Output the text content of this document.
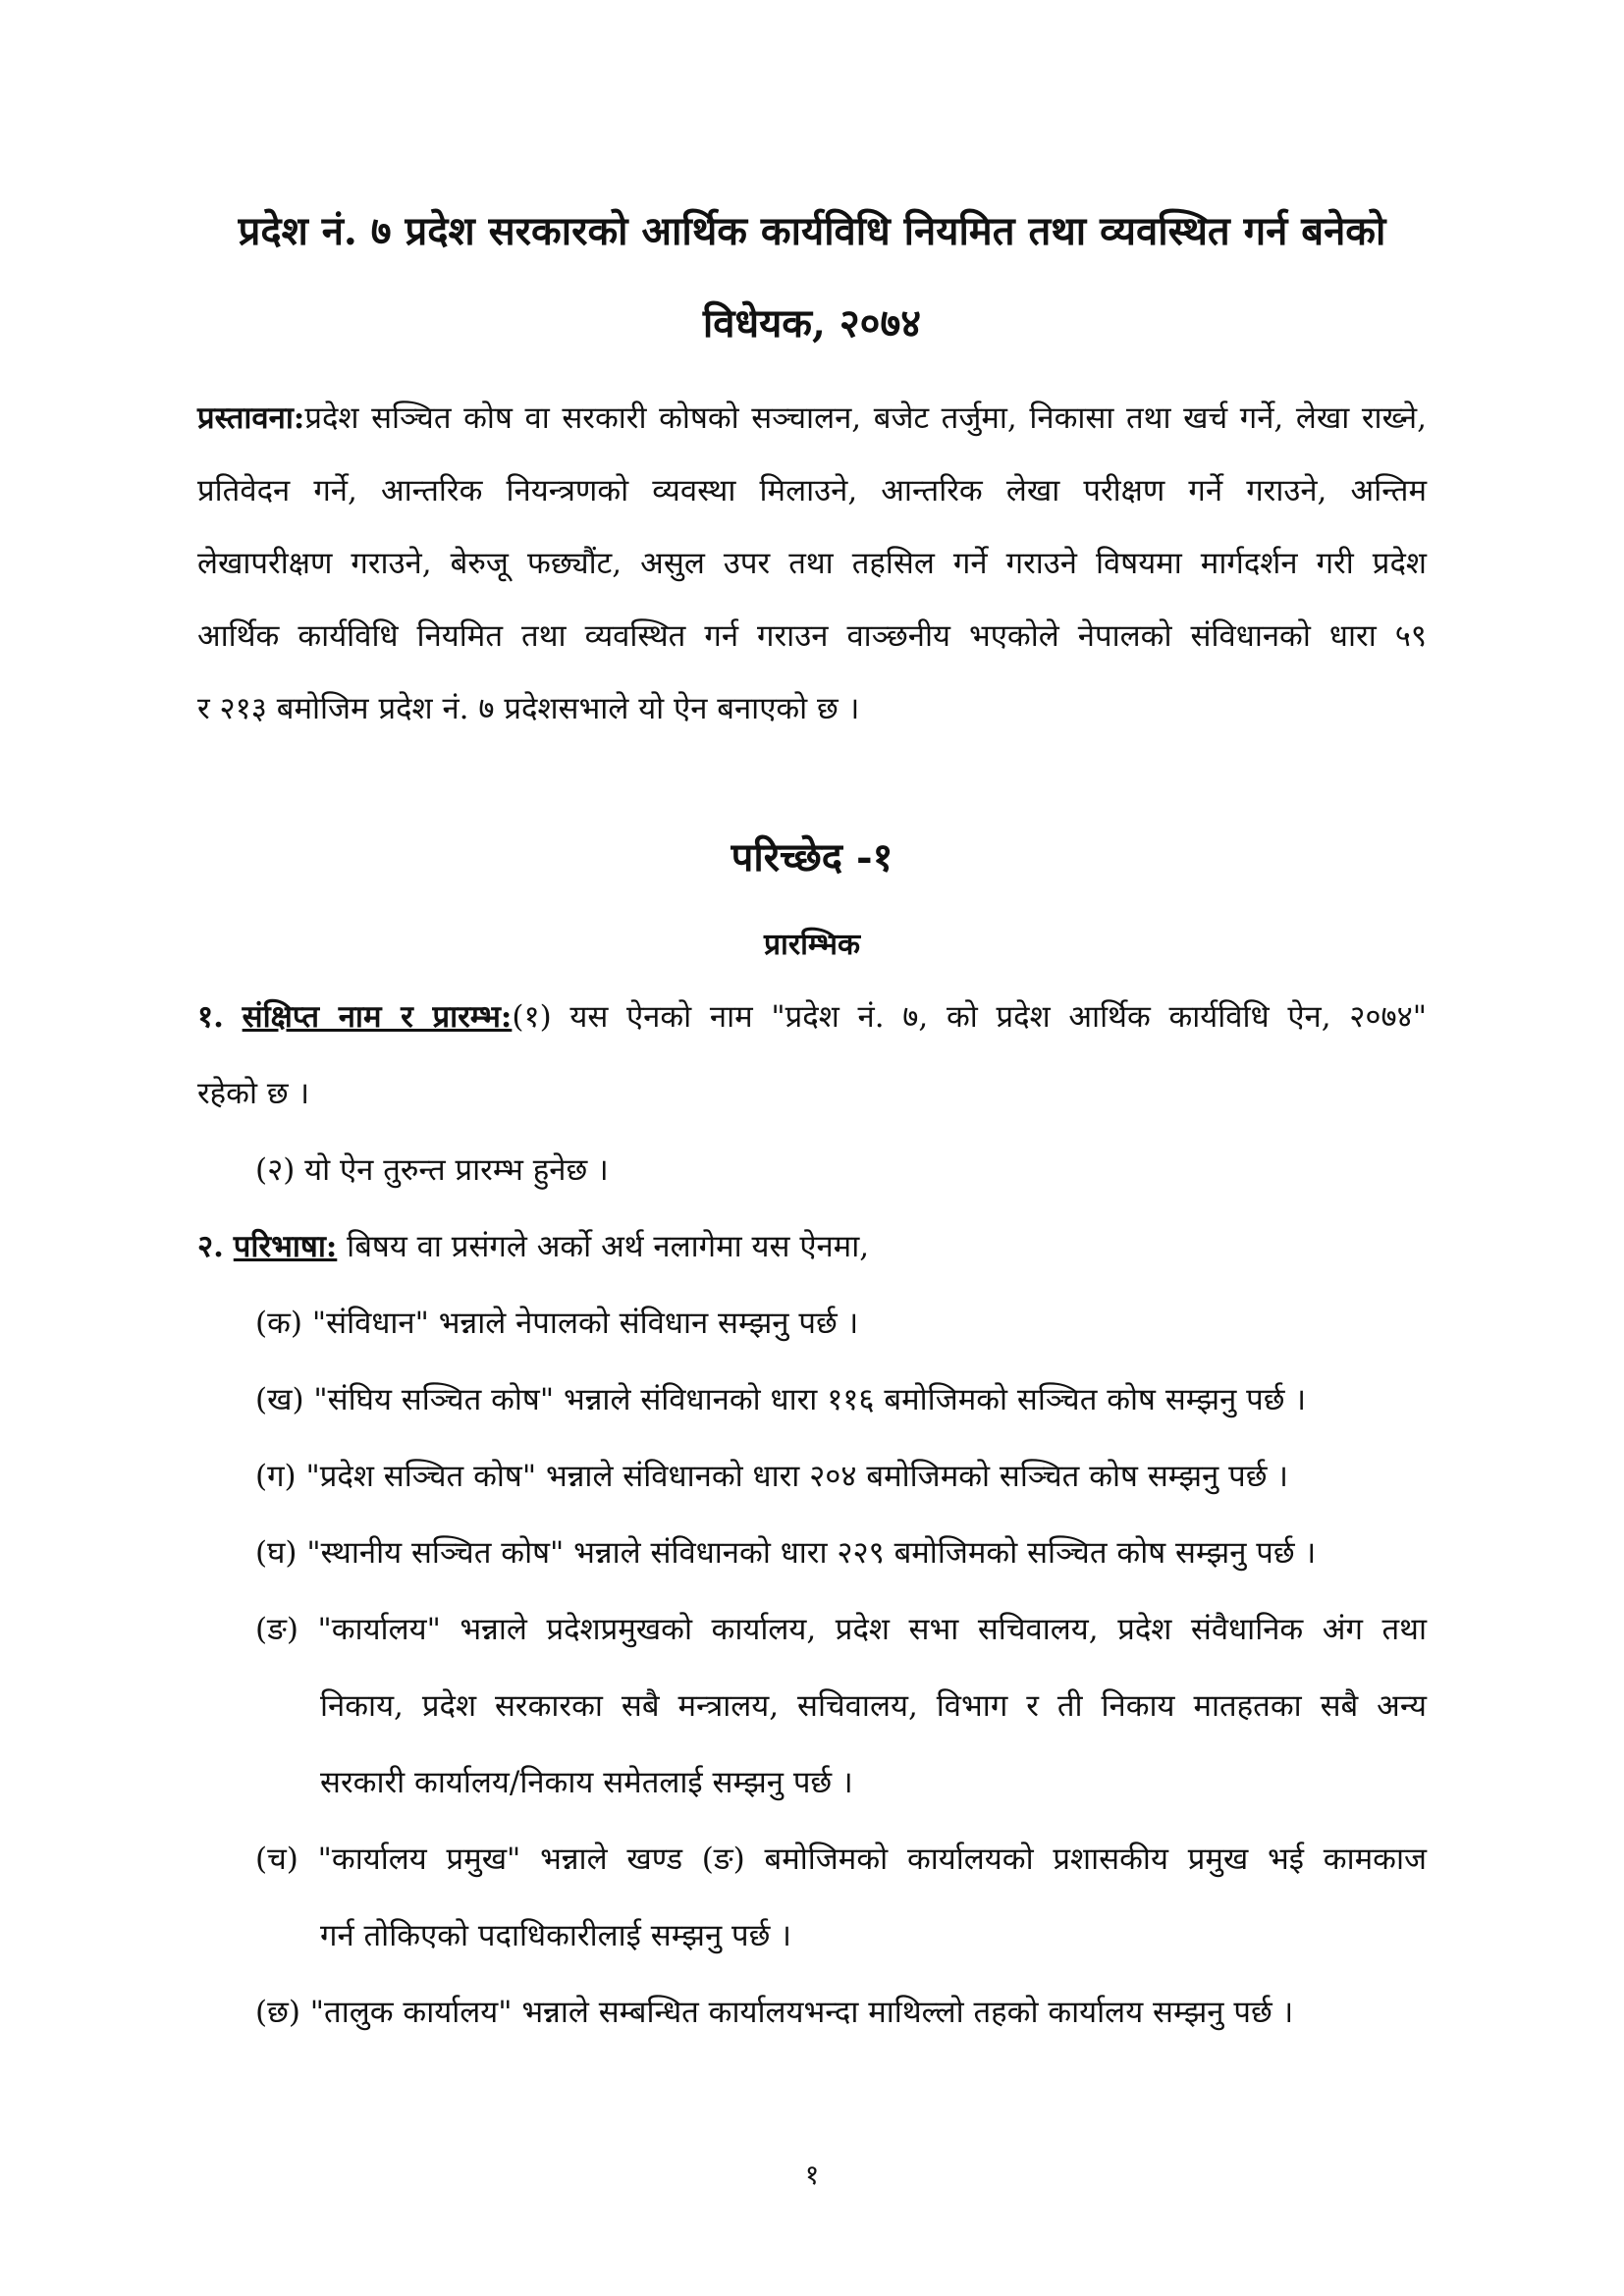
प्रदेश नं. ७ प्रदेश सरकारको आर्थिक कार्यविधि नियमित तथा व्यवस्थित गर्न बनेको
विधेयक, २०७४
प्रस्तावना:प्रदेश सञ्चित कोष वा सरकारी कोषको सञ्चालन, बजेट तर्जुमा, निकासा तथा खर्च गर्ने, लेखा राख्ने,
प्रतिवेदन गर्ने, आन्तरिक नियन्त्रणको व्यवस्था मिलाउने, आन्तरिक लेखा परीक्षण गर्ने गराउने, अन्तिम
लेखापरीक्षण गराउने, बेरुजू फछ्यौंट, असुल उपर तथा तहसिल गर्ने गराउने विषयमा मार्गदर्शन गरी प्रदेश
आर्थिक कार्यविधि नियमित तथा व्यवस्थित गर्न गराउन वाञ्छनीय भएकोले नेपालको संविधानको धारा ५९
र २१३ बमोजिम प्रदेश नं. ७ प्रदेशसभाले यो ऐन बनाएको छ ।
परिच्छेद -१
प्रारम्भिक
१. संक्षिप्त नाम र प्रारम्भ:(१) यस ऐनको नाम "प्रदेश नं. ७, को प्रदेश आर्थिक कार्यविधि ऐन, २०७४"
रहेको छ ।
(२) यो ऐन तुरुन्त प्रारम्भ हुनेछ ।
२. परिभाषा: बिषय वा प्रसंगले अर्को अर्थ नलागेमा यस ऐनमा,
(क) "संविधान" भन्नाले नेपालको संविधान सम्झनु पर्छ ।
(ख) "संघिय सञ्चित कोष" भन्नाले संविधानको धारा ११६ बमोजिमको सञ्चित कोष सम्झनु पर्छ ।
(ग) "प्रदेश सञ्चित कोष" भन्नाले संविधानको धारा २०४ बमोजिमको सञ्चित कोष सम्झनु पर्छ ।
(घ) "स्थानीय सञ्चित कोष" भन्नाले संविधानको धारा २२९ बमोजिमको सञ्चित कोष सम्झनु पर्छ ।
(ङ) "कार्यालय" भन्नाले प्रदेशप्रमुखको कार्यालय, प्रदेश सभा सचिवालय, प्रदेश संवैधानिक अंग तथा
निकाय, प्रदेश सरकारका सबै मन्त्रालय, सचिवालय, विभाग र ती निकाय मातहतका सबै अन्य
सरकारी कार्यालय/निकाय समेतलाई सम्झनु पर्छ ।
(च) "कार्यालय प्रमुख" भन्नाले खण्ड (ङ) बमोजिमको कार्यालयको प्रशासकीय प्रमुख भई कामकाज
गर्न तोकिएको पदाधिकारीलाई सम्झनु पर्छ ।
(छ) "तालुक कार्यालय" भन्नाले सम्बन्धित कार्यालयभन्दा माथिल्लो तहको कार्यालय सम्झनु पर्छ ।
१
